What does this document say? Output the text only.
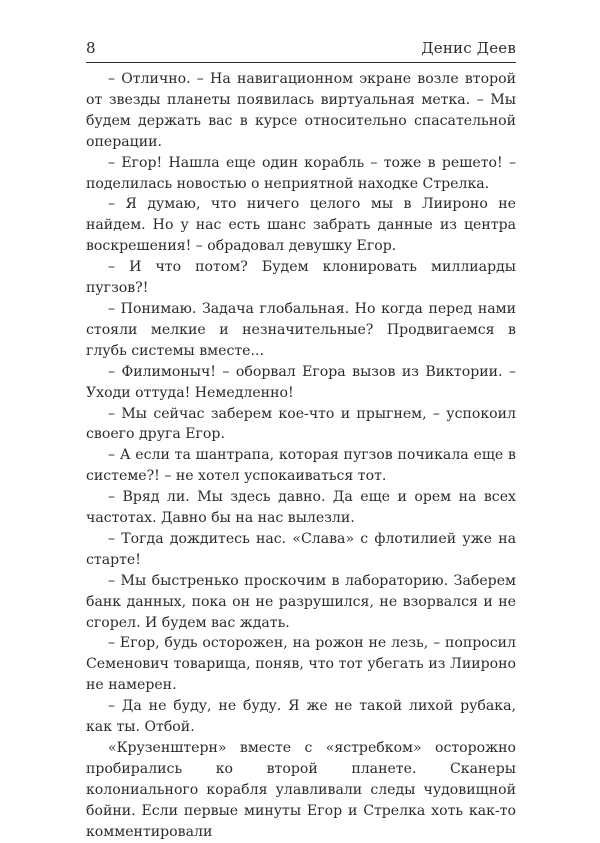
8	Денис Деев

– Отлично. – На навигационном экране возле второй от звезды планеты появилась виртуальная метка. – Мы будем держать вас в курсе относительно спасательной операции.

– Егор! Нашла еще один корабль – тоже в решето! – поделилась новостью о неприятной находке Стрелка.

– Я думаю, что ничего целого мы в Лиироно не найдем. Но у нас есть шанс забрать данные из центра воскрешения! – обрадовал девушку Егор.

– И что потом? Будем клонировать миллиарды пугзов?!

– Понимаю. Задача глобальная. Но когда перед нами стояли мелкие и незначительные? Продвигаемся в глубь системы вместе...

– Филимоныч! – оборвал Егора вызов из Виктории. – Уходи оттуда! Немедленно!

– Мы сейчас заберем кое-что и прыгнем, – успокоил своего друга Егор.

– А если та шантрапа, которая пугзов почикала еще в системе?! – не хотел успокаиваться тот.

– Вряд ли. Мы здесь давно. Да еще и орем на всех частотах. Давно бы на нас вылезли.

– Тогда дождитесь нас. «Слава» с флотилией уже на старте!

– Мы быстренько проскочим в лабораторию. Заберем банк данных, пока он не разрушился, не взорвался и не сгорел. И будем вас ждать.

– Егор, будь осторожен, на рожон не лезь, – попросил Семенович товарища, поняв, что тот убегать из Лиироно не намерен.

– Да не буду, не буду. Я же не такой лихой рубака, как ты. Отбой.

«Крузенштерн» вместе с «ястребком» осторожно пробирались ко второй планете. Сканеры колониального корабля улавливали следы чудовищной бойни. Если первые минуты Егор и Стрелка хоть как-то комментировали
